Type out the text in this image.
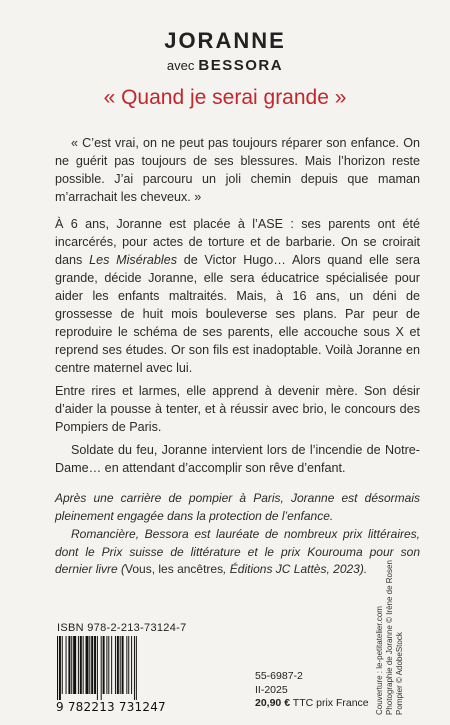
JORANNE
avec BESSORA
« Quand je serai grande »
« C’est vrai, on ne peut pas toujours réparer son enfance. On ne guérit pas toujours de ses blessures. Mais l’horizon reste possible. J’ai parcouru un joli chemin depuis que maman m’arrachait les cheveux. »

À 6 ans, Joranne est placée à l’ASE : ses parents ont été incarcérés, pour actes de torture et de barbarie. On se croirait dans Les Misérables de Victor Hugo… Alors quand elle sera grande, décide Joranne, elle sera éducatrice spécialisée pour aider les enfants maltraités. Mais, à 16 ans, un déni de grossesse de huit mois bouleverse ses plans. Par peur de reproduire le schéma de ses parents, elle accouche sous X et reprend ses études. Or son fils est inadoptable. Voilà Joranne en centre maternel avec lui.

Entre rires et larmes, elle apprend à devenir mère. Son désir d’aider la pousse à tenter, et à réussir avec brio, le concours des Pompiers de Paris.

Soldate du feu, Joranne intervient lors de l’incendie de Notre-Dame… en attendant d’accomplir son rêve d’enfant.

Après une carrière de pompier à Paris, Joranne est désormais pleinement engagée dans la protection de l’enfance.

Romancière, Bessora est lauréate de nombreux prix littéraires, dont le Prix suisse de littérature et le prix Kourouma pour son dernier livre (Vous, les ancêtres, Éditions JC Lattès, 2023).

ISBN 978-2-213-73124-7
9 782213 731247
55-6987-2
II-2025
20,90 € TTC prix France Couverture : le-petitatelier.com Photographie de Joranne © Irène de Rosen Pompier © AdobeStock
